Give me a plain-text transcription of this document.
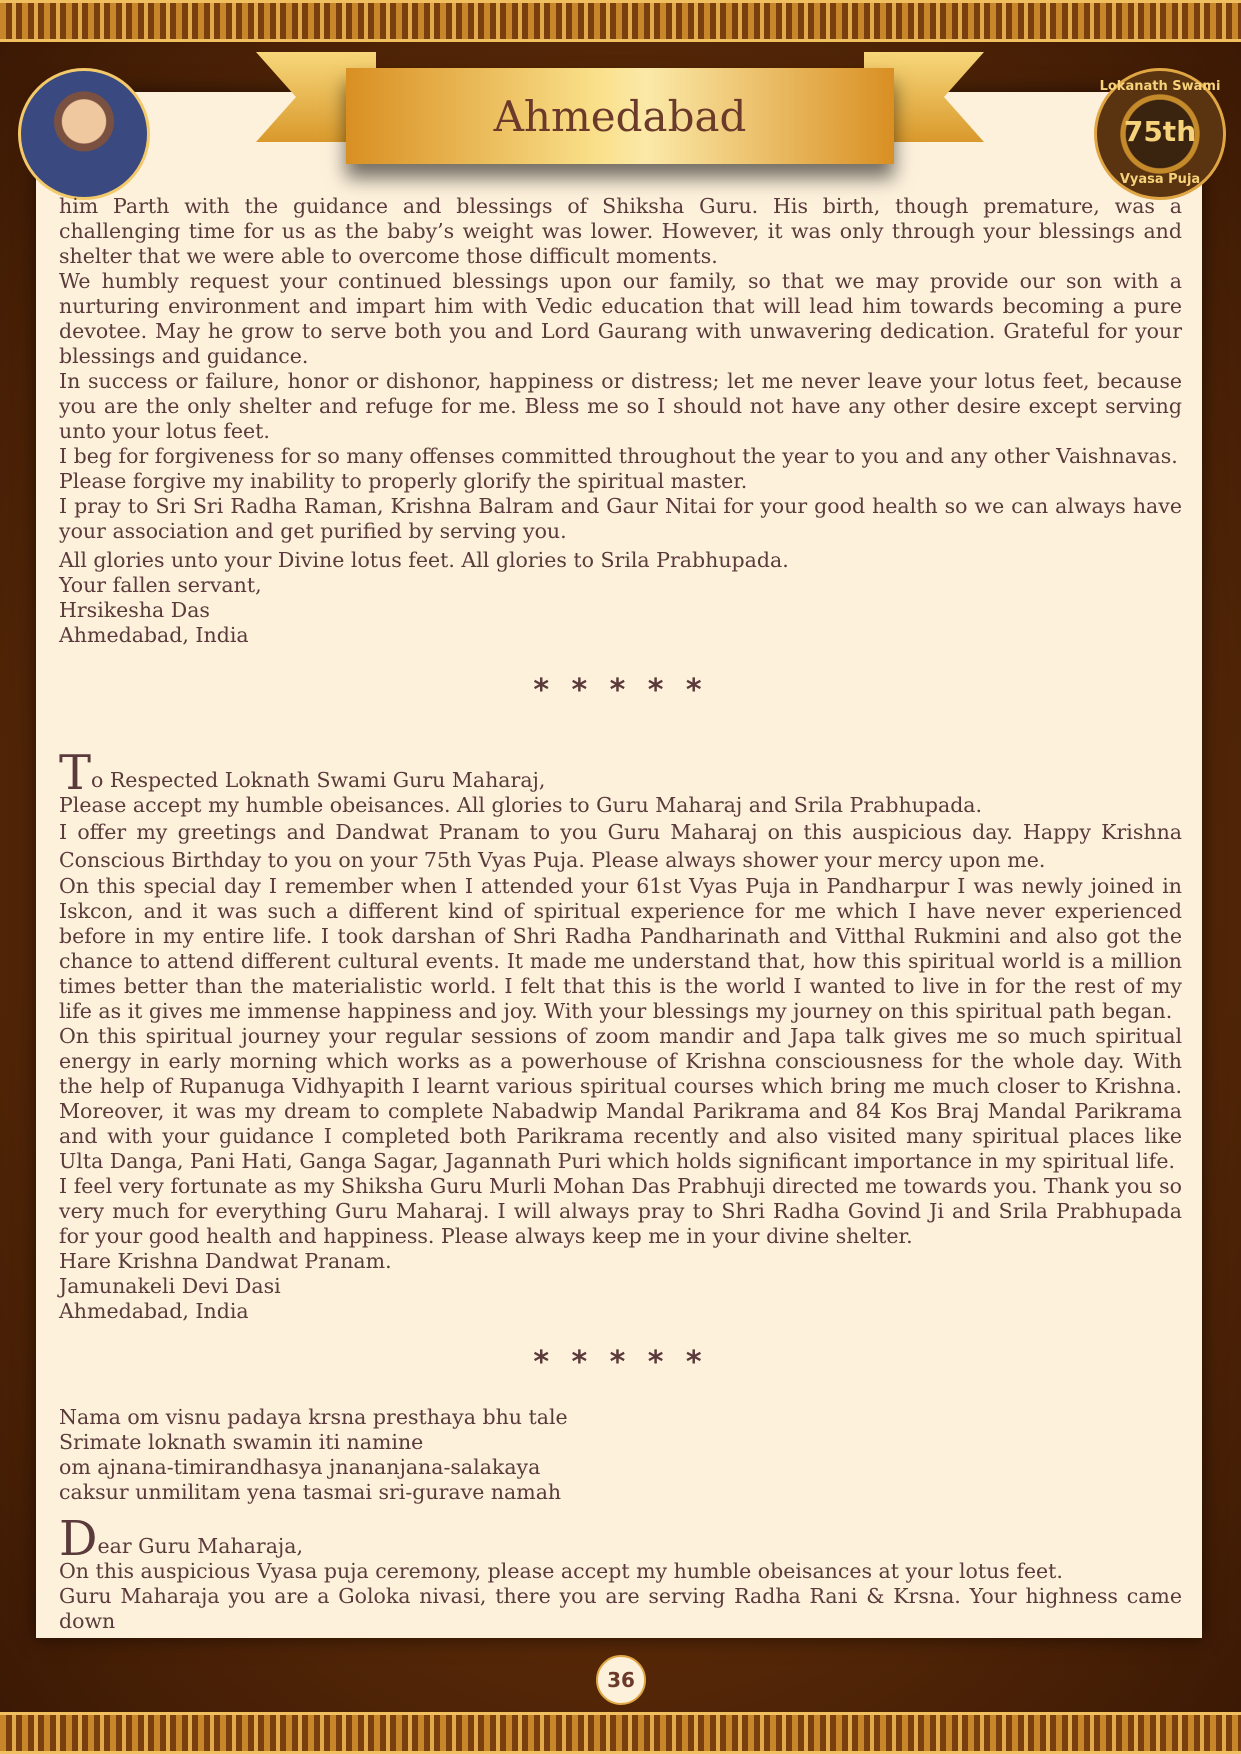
Lokanath Swami
75th
Vyasa Puja
Ahmedabad

him Parth with the guidance and blessings of Shiksha Guru. His birth, though premature, was a challenging time for us as the baby’s weight was lower. However, it was only through your blessings and shelter that we were able to overcome those difficult moments.

We humbly request your continued blessings upon our family, so that we may provide our son with a nurturing environment and impart him with Vedic education that will lead him towards becoming a pure devotee. May he grow to serve both you and Lord Gaurang with unwavering dedication. Grateful for your blessings and guidance.

In success or failure, honor or dishonor, happiness or distress; let me never leave your lotus feet, because you are the only shelter and refuge for me. Bless me so I should not have any other desire except serving unto your lotus feet.

I beg for forgiveness for so many offenses committed throughout the year to you and any other Vaishnavas.

Please forgive my inability to properly glorify the spiritual master.

I pray to Sri Sri Radha Raman, Krishna Balram and Gaur Nitai for your good health so we can always have your association and get purified by serving you.

All glories unto your Divine lotus feet. All glories to Srila Prabhupada.

Your fallen servant,

Hrsikesha Das

Ahmedabad, India

* * * * *

To Respected Loknath Swami Guru Maharaj,

Please accept my humble obeisances. All glories to Guru Maharaj and Srila Prabhupada.

I offer my greetings and Dandwat Pranam to you Guru Maharaj on this auspicious day. Happy Krishna Conscious Birthday to you on your 75th Vyas Puja. Please always shower your mercy upon me.

On this special day I remember when I attended your 61st Vyas Puja in Pandharpur I was newly joined in Iskcon, and it was such a different kind of spiritual experience for me which I have never experienced before in my entire life. I took darshan of Shri Radha Pandharinath and Vitthal Rukmini and also got the chance to attend different cultural events. It made me understand that, how this spiritual world is a million times better than the materialistic world. I felt that this is the world I wanted to live in for the rest of my life as it gives me immense happiness and joy. With your blessings my journey on this spiritual path began.

On this spiritual journey your regular sessions of zoom mandir and Japa talk gives me so much spiritual energy in early morning which works as a powerhouse of Krishna consciousness for the whole day. With the help of Rupanuga Vidhyapith I learnt various spiritual courses which bring me much closer to Krishna. Moreover, it was my dream to complete Nabadwip Mandal Parikrama and 84 Kos Braj Mandal Parikrama and with your guidance I completed both Parikrama recently and also visited many spiritual places like Ulta Danga, Pani Hati, Ganga Sagar, Jagannath Puri which holds significant importance in my spiritual life.

I feel very fortunate as my Shiksha Guru Murli Mohan Das Prabhuji directed me towards you. Thank you so very much for everything Guru Maharaj. I will always pray to Shri Radha Govind Ji and Srila Prabhupada for your good health and happiness. Please always keep me in your divine shelter.

Hare Krishna Dandwat Pranam.

Jamunakeli Devi Dasi

Ahmedabad, India

* * * * *

Nama om visnu padaya krsna presthaya bhu tale

Srimate loknath swamin iti namine

om ajnana-timirandhasya jnananjana-salakaya

caksur unmilitam yena tasmai sri-gurave namah

Dear Guru Maharaja,

On this auspicious Vyasa puja ceremony, please accept my humble obeisances at your lotus feet.

Guru Maharaja you are a Goloka nivasi, there you are serving Radha Rani & Krsna. Your highness came down

36
